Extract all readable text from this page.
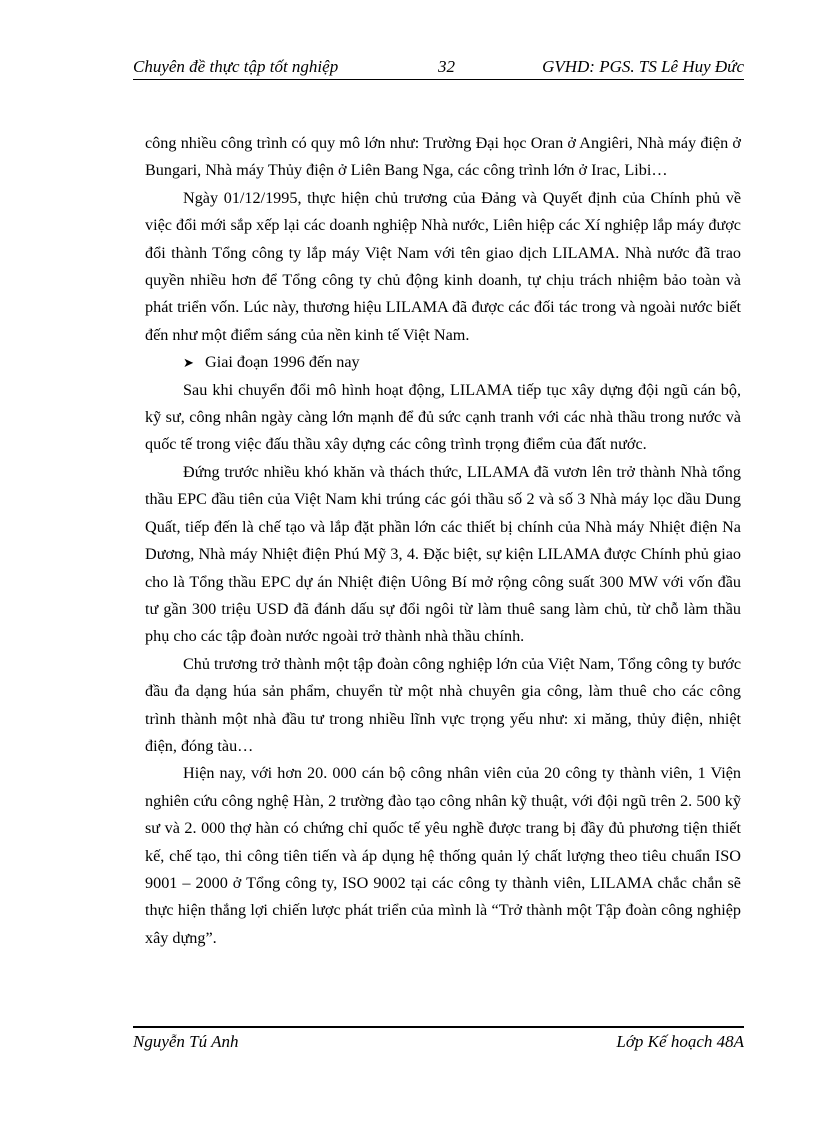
Chuyên đề thực tập tốt nghiệp	32	GVHD: PGS. TS Lê Huy Đức

công nhiều công trình có quy mô lớn như: Trường Đại học Oran ở Angiêri, Nhà máy điện ở Bungari, Nhà máy Thủy điện ở Liên Bang Nga, các công trình lớn ở Irac, Libi…

Ngày 01/12/1995, thực hiện chủ trương của Đảng và Quyết định của Chính phủ về việc đổi mới sắp xếp lại các doanh nghiệp Nhà nước, Liên hiệp các Xí nghiệp lắp máy được đổi thành Tổng công ty lắp máy Việt Nam với tên giao dịch LILAMA. Nhà nước đã trao quyền nhiều hơn để Tổng công ty chủ động kinh doanh, tự chịu trách nhiệm bảo toàn và phát triển vốn. Lúc này, thương hiệu LILAMA đã được các đối tác trong và ngoài nước biết đến như một điểm sáng của nền kinh tế Việt Nam.

➤ Giai đoạn 1996 đến nay

Sau khi chuyển đổi mô hình hoạt động, LILAMA tiếp tục xây dựng đội ngũ cán bộ, kỹ sư, công nhân ngày càng lớn mạnh để đủ sức cạnh tranh với các nhà thầu trong nước và quốc tế trong việc đấu thầu xây dựng các công trình trọng điểm của đất nước.

Đứng trước nhiều khó khăn và thách thức, LILAMA đã vươn lên trở thành Nhà tổng thầu EPC đầu tiên của Việt Nam khi trúng các gói thầu số 2 và số 3 Nhà máy lọc dầu Dung Quất, tiếp đến là chế tạo và lắp đặt phần lớn các thiết bị chính của Nhà máy Nhiệt điện Na Dương, Nhà máy Nhiệt điện Phú Mỹ 3, 4. Đặc biệt, sự kiện LILAMA được Chính phủ giao cho là Tổng thầu EPC dự án Nhiệt điện Uông Bí mở rộng công suất 300 MW với vốn đầu tư gần 300 triệu USD đã đánh dấu sự đổi ngôi từ làm thuê sang làm chủ, từ chỗ làm thầu phụ cho các tập đoàn nước ngoài trở thành nhà thầu chính.

Chủ trương trở thành một tập đoàn công nghiệp lớn của Việt Nam, Tổng công ty bước đầu đa dạng húa sản phẩm, chuyển từ một nhà chuyên gia công, làm thuê cho các công trình thành một nhà đầu tư trong nhiều lĩnh vực trọng yếu như: xi măng, thủy điện, nhiệt điện, đóng tàu…

Hiện nay, với hơn 20. 000 cán bộ công nhân viên của 20 công ty thành viên, 1 Viện nghiên cứu công nghệ Hàn, 2 trường đào tạo công nhân kỹ thuật, với đội ngũ trên 2. 500 kỹ sư và 2. 000 thợ hàn có chứng chỉ quốc tế yêu nghề được trang bị đầy đủ phương tiện thiết kế, chế tạo, thi công tiên tiến và áp dụng hệ thống quản lý chất lượng theo tiêu chuẩn ISO 9001 – 2000 ở Tổng công ty, ISO 9002 tại các công ty thành viên, LILAMA chắc chắn sẽ thực hiện thắng lợi chiến lược phát triển của mình là “Trở thành một Tập đoàn công nghiệp xây dựng”.

Nguyễn Tú Anh	Lớp Kế hoạch 48A
